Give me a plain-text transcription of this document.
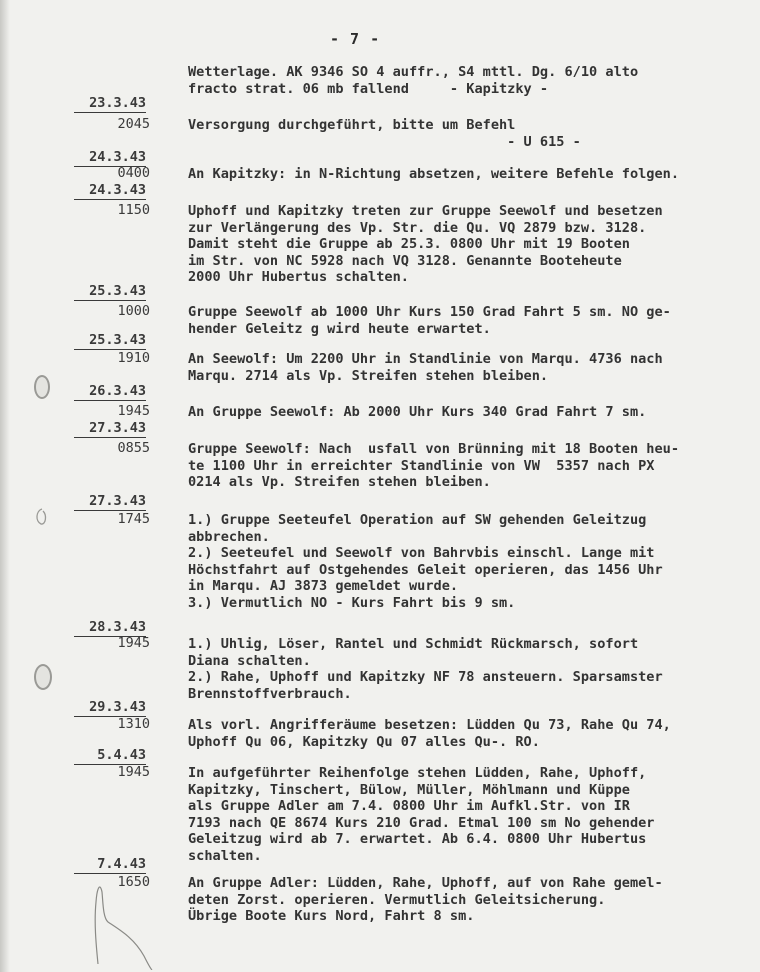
- 7 -
Wetterlage. AK 9346 SO 4 auffr., S4 mttl. Dg. 6/10 alto
fracto strat. 06 mb fallend     - Kapitzky -
23.3.43
2045	Versorgung durchgeführt, bitte um Befehl
- U 615 -
24.3.43
0400	An Kapitzky: in N-Richtung absetzen, weitere Befehle folgen.
24.3.43
1150	Uphoff und Kapitzky treten zur Gruppe Seewolf und besetzen
zur Verlängerung des Vp. Str. die Qu. VQ 2879 bzw. 3128.
Damit steht die Gruppe ab 25.3. 0800 Uhr mit 19 Booten
im Str. von NC 5928 nach VQ 3128. Genannte Booteheute
2000 Uhr Hubertus schalten.
25.3.43
1000	Gruppe Seewolf ab 1000 Uhr Kurs 150 Grad Fahrt 5 sm. NO ge-
hender Geleitz g wird heute erwartet.
25.3.43
1910	An Seewolf: Um 2200 Uhr in Standlinie von Marqu. 4736 nach
Marqu. 2714 als Vp. Streifen stehen bleiben.
26.3.43
1945	An Gruppe Seewolf: Ab 2000 Uhr Kurs 340 Grad Fahrt 7 sm.
27.3.43
0855	Gruppe Seewolf: Nach  usfall von Brünning mit 18 Booten heu-
te 1100 Uhr in erreichter Standlinie von VW  5357 nach PX
0214 als Vp. Streifen stehen bleiben.
27.3.43
1745	1.) Gruppe Seeteufel Operation auf SW gehenden Geleitzug
abbrechen.
2.) Seeteufel und Seewolf von Bahrvbis einschl. Lange mit
Höchstfahrt auf Ostgehendes Geleit operieren, das 1456 Uhr
in Marqu. AJ 3873 gemeldet wurde.
3.) Vermutlich NO - Kurs Fahrt bis 9 sm.
28.3.43
1945	1.) Uhlig, Löser, Rantel und Schmidt Rückmarsch, sofort
Diana schalten.
2.) Rahe, Uphoff und Kapitzky NF 78 ansteuern. Sparsamster
Brennstoffverbrauch.
29.3.43
1310	Als vorl. Angrifferäume besetzen: Lüdden Qu 73, Rahe Qu 74,
Uphoff Qu 06, Kapitzky Qu 07 alles Qu-. RO.
5.4.43
1945	In aufgeführter Reihenfolge stehen Lüdden, Rahe, Uphoff,
Kapitzky, Tinschert, Bülow, Müller, Möhlmann und Küppe
als Gruppe Adler am 7.4. 0800 Uhr im Aufkl.Str. von IR
7193 nach QE 8674 Kurs 210 Grad. Etmal 100 sm No gehender
Geleitzug wird ab 7. erwartet. Ab 6.4. 0800 Uhr Hubertus
schalten.
7.4.43
1650	An Gruppe Adler: Lüdden, Rahe, Uphoff, auf von Rahe gemel-
deten Zorst. operieren. Vermutlich Geleitsicherung.
Übrige Boote Kurs Nord, Fahrt 8 sm.
